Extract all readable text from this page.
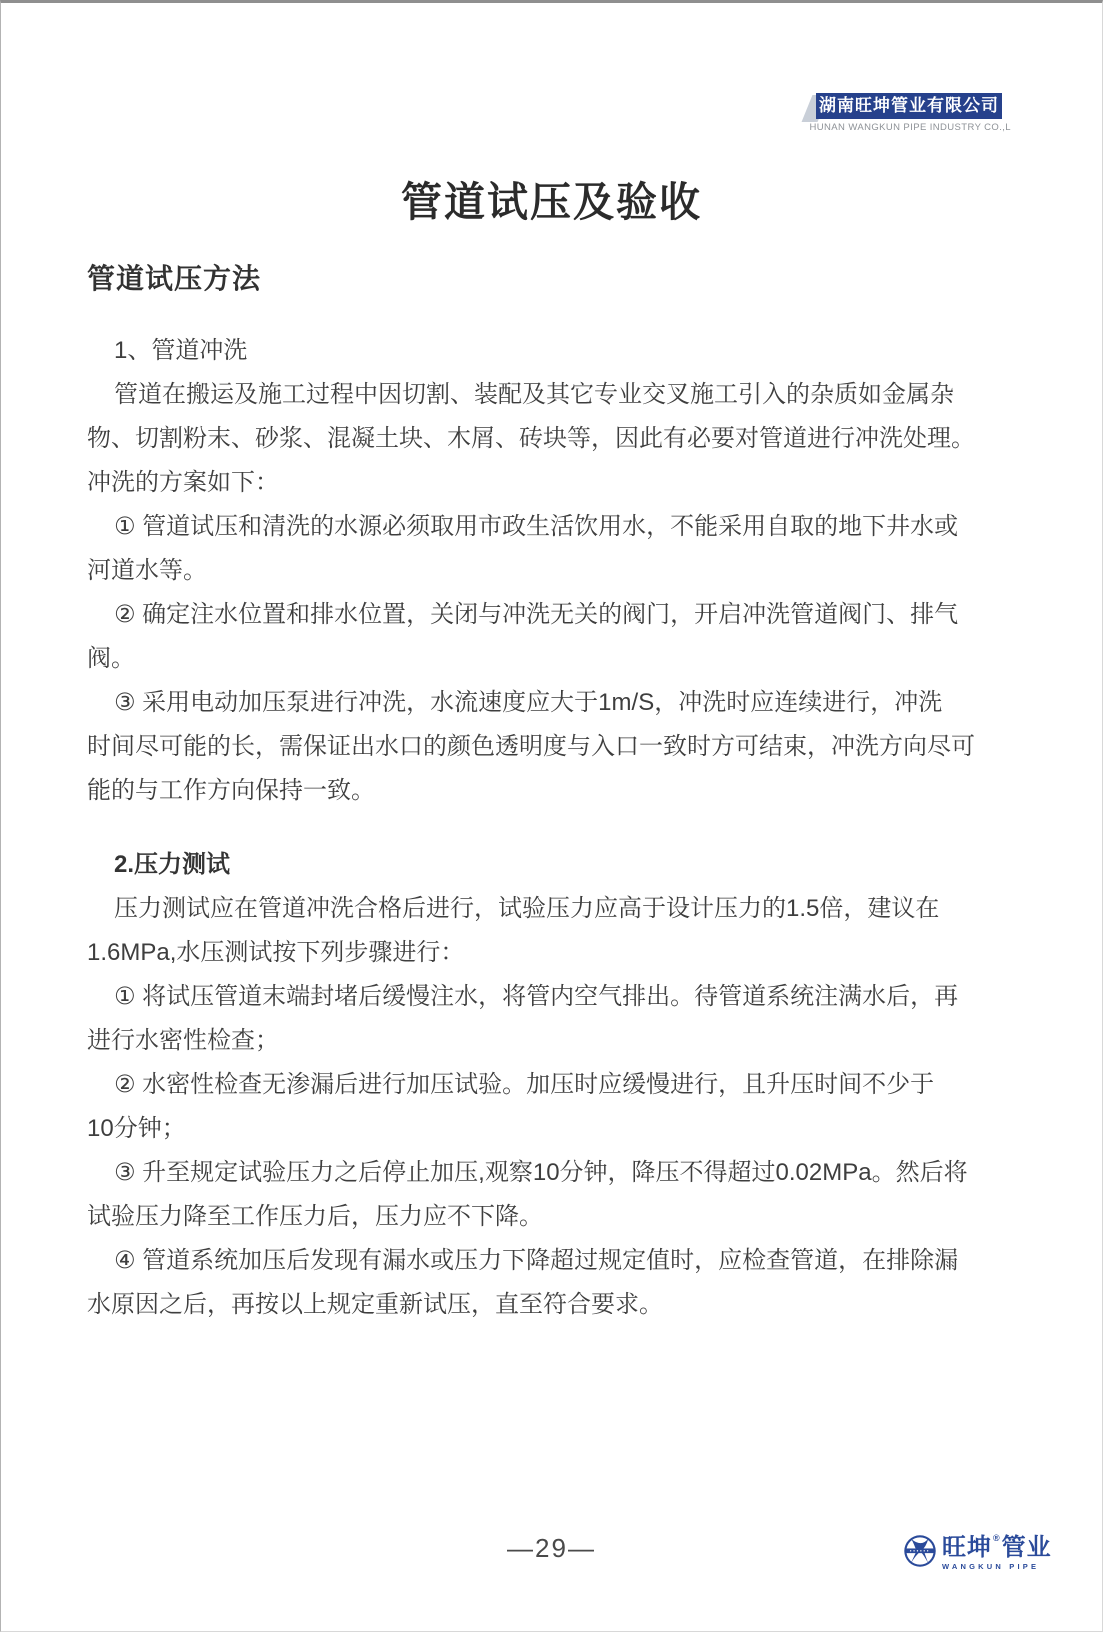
湖南旺坤管业有限公司
HUNAN WANGKUN PIPE INDUSTRY CO.,L
管道试压及验收
管道试压方法
1、管道冲洗
管道在搬运及施工过程中因切割、装配及其它专业交叉施工引入的杂质如金属杂
物、切割粉末、砂浆、混凝土块、木屑、砖块等，因此有必要对管道进行冲洗处理。
冲洗的方案如下：
① 管道试压和清洗的水源必须取用市政生活饮用水，不能采用自取的地下井水或
河道水等。
② 确定注水位置和排水位置，关闭与冲洗无关的阀门，开启冲洗管道阀门、排气
阀。
③ 采用电动加压泵进行冲洗，水流速度应大于1m/S，冲洗时应连续进行，冲洗
时间尽可能的长，需保证出水口的颜色透明度与入口一致时方可结束，冲洗方向尽可
能的与工作方向保持一致。
2.压力测试
压力测试应在管道冲洗合格后进行，试验压力应高于设计压力的1.5倍，建议在
1.6MPa,水压测试按下列步骤进行：
① 将试压管道末端封堵后缓慢注水，将管内空气排出。待管道系统注满水后，再
进行水密性检查；
② 水密性检查无渗漏后进行加压试验。加压时应缓慢进行，且升压时间不少于
10分钟；
③ 升至规定试验压力之后停止加压,观察10分钟，降压不得超过0.02MPa。然后将
试验压力降至工作压力后，压力应不下降。
④ 管道系统加压后发现有漏水或压力下降超过规定值时，应检查管道，在排除漏
水原因之后，再按以上规定重新试压，直至符合要求。
—29—	旺坤®管业
WANGKUN PIPE
